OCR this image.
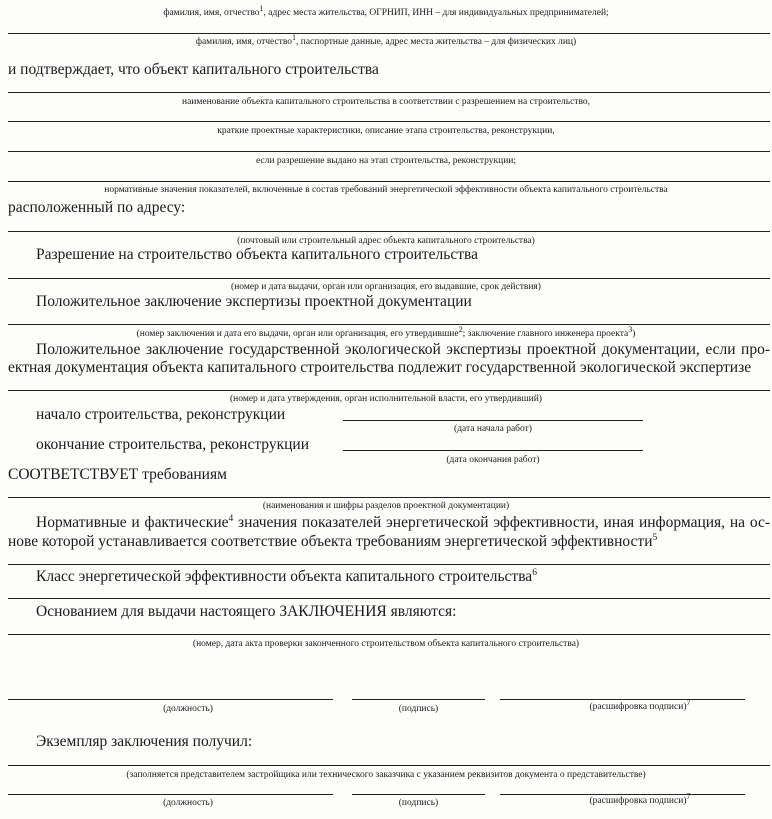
фамилия, имя, отчество$^1$, адрес места жительства, ОГРНИП, ИНН – для индивидуальных предпринимателей;
фамилия, имя, отчество$^1$, паспортные данные, адрес места жительства – для физических лиц)
и подтверждает, что объект капитального строительства
наименование объекта капитального строительства в соответствии с разрешением на строительство,
краткие проектные характеристики, описание этапа строительства, реконструкции,
если разрешение выдано на этап строительства, реконструкции;
нормативные значения показателей, включенные в состав требований энергетической эффективности объекта капитального строительства
расположенный по адресу:
(почтовый или строительный адрес объекта капитального строительства)
Разрешение на строительство объекта капитального строительства
(номер и дата выдачи, орган или организация, его выдавшие, срок действия)
Положительное заключение экспертизы проектной документации
(номер заключения и дата его выдачи, орган или организация, его утвердившие$^2$; заключение главного инженера проекта$^3$)
Положительное заключение государственной экологической экспертизы проектной документации, если про-
ектная документация объекта капитального строительства подлежит государственной экологической экспертизе
(номер и дата утверждения, орган исполнительной власти, его утвердивший)
начало строительства, реконструкции
(дата начала работ)
окончание строительства, реконструкции
(дата окончания работ)
СООТВЕТСТВУЕТ требованиям
(наименования и шифры разделов проектной документации)
Нормативные и фактические$^4$ значения показателей энергетической эффективности, иная информация, на ос-
нове которой устанавливается соответствие объекта требованиям энергетической эффективности$^5$
Класс энергетической эффективности объекта капитального строительства$^6$
Основанием для выдачи настоящего ЗАКЛЮЧЕНИЯ являются:
(номер, дата акта проверки законченного строительством объекта капитального строительства)
(должность)	(подпись)	(расшифровка подписи)$^7$
Экземпляр заключения получил:
(заполняется представителем застройщика или технического заказчика с указанием реквизитов документа о представительстве)
(должность)	(подпись)	(расшифровка подписи)$^7$
